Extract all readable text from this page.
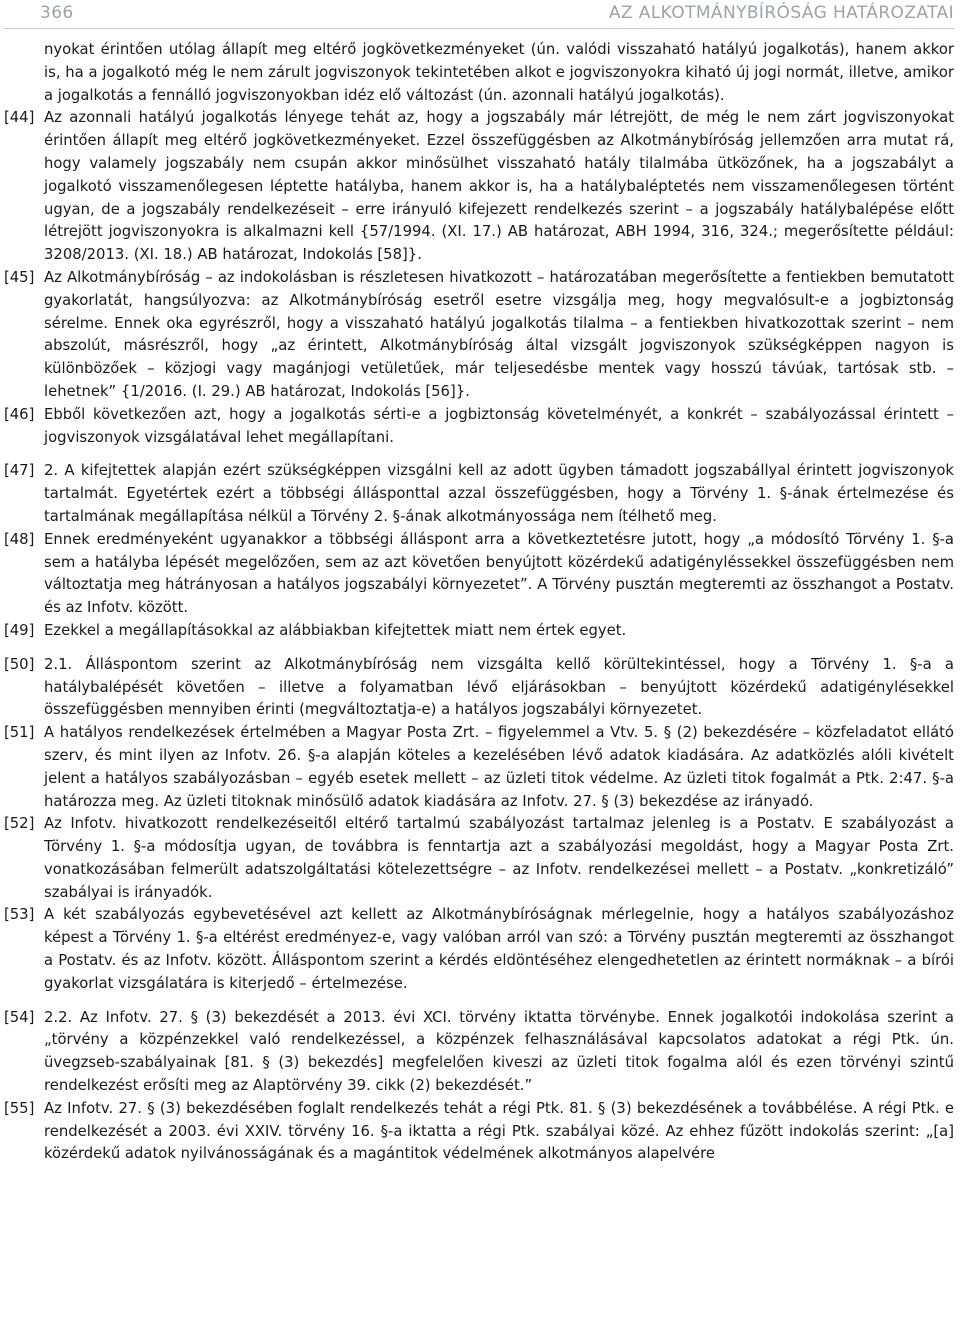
366	AZ ALKOTMÁNYBÍRÓSÁG HATÁROZATAI

nyokat érintően utólag állapít meg eltérő jogkövetkezményeket (ún. valódi visszaható hatályú jogalkotás), hanem akkor is, ha a jogalkotó még le nem zárult jogviszonyok tekintetében alkot e jogviszonyokra kiható új jogi normát, illetve, amikor a jogalkotás a fennálló jogviszonyokban idéz elő változást (ún. azonnali hatályú jogalkotás).

[44] Az azonnali hatályú jogalkotás lényege tehát az, hogy a jogszabály már létrejött, de még le nem zárt jogviszonyokat érintően állapít meg eltérő jogkövetkezményeket. Ezzel összefüggésben az Alkotmánybíróság jellemzően arra mutat rá, hogy valamely jogszabály nem csupán akkor minősülhet visszaható hatály tilalmába ütközőnek, ha a jogszabályt a jogalkotó visszamenőlegesen léptette hatályba, hanem akkor is, ha a hatálybaléptetés nem visszamenőlegesen történt ugyan, de a jogszabály rendelkezéseit – erre irányuló kifejezett rendelkezés szerint – a jogszabály hatálybalépése előtt létrejött jogviszonyokra is alkalmazni kell {57/1994. (XI. 17.) AB határozat, ABH 1994, 316, 324.; megerősítette például: 3208/2013. (XI. 18.) AB határozat, Indokolás [58]}.

[45] Az Alkotmánybíróság – az indokolásban is részletesen hivatkozott – határozatában megerősítette a fentiekben bemutatott gyakorlatát, hangsúlyozva: az Alkotmánybíróság esetről esetre vizsgálja meg, hogy megvalósult-e a jogbiztonság sérelme. Ennek oka egyrészről, hogy a visszaható hatályú jogalkotás tilalma – a fentiekben hivatkozottak szerint – nem abszolút, másrészről, hogy „az érintett, Alkotmánybíróság által vizsgált jogviszonyok szükségképpen nagyon is különbözőek – közjogi vagy magánjogi vetületűek, már teljesedésbe mentek vagy hosszú távúak, tartósak stb. – lehetnek” {1/2016. (I. 29.) AB határozat, Indokolás [56]}.

[46] Ebből következően azt, hogy a jogalkotás sérti-e a jogbiztonság követelményét, a konkrét – szabályozással érintett – jogviszonyok vizsgálatával lehet megállapítani.

[47] 2. A kifejtettek alapján ezért szükségképpen vizsgálni kell az adott ügyben támadott jogszabállyal érintett jogviszonyok tartalmát. Egyetértek ezért a többségi állásponttal azzal összefüggésben, hogy a Törvény 1. §-ának értelmezése és tartalmának megállapítása nélkül a Törvény 2. §-ának alkotmányossága nem ítélhető meg.

[48] Ennek eredményeként ugyanakkor a többségi álláspont arra a következtetésre jutott, hogy „a módosító Törvény 1. §-a sem a hatályba lépését megelőzően, sem az azt követően benyújtott közérdekű adatigényléssekkel összefüggésben nem változtatja meg hátrányosan a hatályos jogszabályi környezetet”. A Törvény pusztán megteremti az összhangot a Postatv. és az Infotv. között.

[49] Ezekkel a megállapításokkal az alábbiakban kifejtettek miatt nem értek egyet.

[50] 2.1. Álláspontom szerint az Alkotmánybíróság nem vizsgálta kellő körültekintéssel, hogy a Törvény 1. §-a a hatálybalépését követően – illetve a folyamatban lévő eljárásokban – benyújtott közérdekű adatigénylésekkel összefüggésben mennyiben érinti (megváltoztatja-e) a hatályos jogszabályi környezetet.

[51] A hatályos rendelkezések értelmében a Magyar Posta Zrt. – figyelemmel a Vtv. 5. § (2) bekezdésére – közfeladatot ellátó szerv, és mint ilyen az Infotv. 26. §-a alapján köteles a kezelésében lévő adatok kiadására. Az adatközlés alóli kivételt jelent a hatályos szabályozásban – egyéb esetek mellett – az üzleti titok védelme. Az üzleti titok fogalmát a Ptk. 2:47. §-a határozza meg. Az üzleti titoknak minősülő adatok kiadására az Infotv. 27. § (3) bekezdése az irányadó.

[52] Az Infotv. hivatkozott rendelkezéseitől eltérő tartalmú szabályozást tartalmaz jelenleg is a Postatv. E szabályozást a Törvény 1. §-a módosítja ugyan, de továbbra is fenntartja azt a szabályozási megoldást, hogy a Magyar Posta Zrt. vonatkozásában felmerült adatszolgáltatási kötelezettségre – az Infotv. rendelkezései mellett – a Postatv. „konkretizáló” szabályai is irányadók.

[53] A két szabályozás egybevetésével azt kellett az Alkotmánybíróságnak mérlegelnie, hogy a hatályos szabályozáshoz képest a Törvény 1. §-a eltérést eredményez-e, vagy valóban arról van szó: a Törvény pusztán megteremti az összhangot a Postatv. és az Infotv. között. Álláspontom szerint a kérdés eldöntéséhez elengedhetetlen az érintett normáknak – a bírói gyakorlat vizsgálatára is kiterjedő – értelmezése.

[54] 2.2. Az Infotv. 27. § (3) bekezdését a 2013. évi XCI. törvény iktatta törvénybe. Ennek jogalkotói indokolása szerint a „törvény a közpénzekkel való rendelkezéssel, a közpénzek felhasználásával kapcsolatos adatokat a régi Ptk. ún. üvegzseb-szabályainak [81. § (3) bekezdés] megfelelően kiveszi az üzleti titok fogalma alól és ezen törvényi szintű rendelkezést erősíti meg az Alaptörvény 39. cikk (2) bekezdését.”

[55] Az Infotv. 27. § (3) bekezdésében foglalt rendelkezés tehát a régi Ptk. 81. § (3) bekezdésének a továbbélése. A régi Ptk. e rendelkezését a 2003. évi XXIV. törvény 16. §-a iktatta a régi Ptk. szabályai közé. Az ehhez fűzött indokolás szerint: „[a] közérdekű adatok nyilvánosságának és a magántitok védelmének alkotmányos alapelvére
